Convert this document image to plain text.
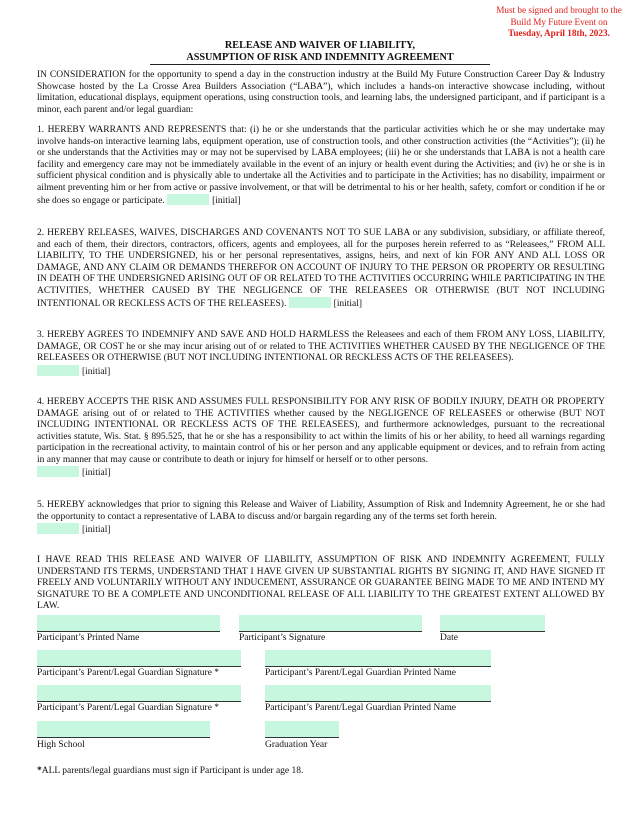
Must be signed and brought to the
Build My Future Event on
Tuesday, April 18th, 2023.
RELEASE AND WAIVER OF LIABILITY,
ASSUMPTION OF RISK AND INDEMNITY AGREEMENT
IN CONSIDERATION for the opportunity to spend a day in the construction industry at the Build My Future Construction Career Day & Industry Showcase hosted by the La Crosse Area Builders Association (“LABA”), which includes a hands-on interactive showcase including, without limitation, educational displays, equipment operations, using construction tools, and learning labs, the undersigned participant, and if participant is a minor, each parent and/or legal guardian:
1. HEREBY WARRANTS AND REPRESENTS that: (i) he or she understands that the particular activities which he or she may undertake may involve hands-on interactive learning labs, equipment operation, use of construction tools, and other construction activities (the “Activities”); (ii) he or she understands that the Activities may or may not be supervised by LABA employees; (iii) he or she understands that LABA is not a health care facility and emergency care may not be immediately available in the event of an injury or health event during the Activities; and (iv) he or she is in sufficient physical condition and is physically able to undertake all the Activities and to participate in the Activities; has no disability, impairment or ailment preventing him or her from active or passive involvement, or that will be detrimental to his or her health, safety, comfort or condition if he or she does so engage or participate.	[initial]
2. HEREBY RELEASES, WAIVES, DISCHARGES AND COVENANTS NOT TO SUE LABA or any subdivision, subsidiary, or affiliate thereof, and each of them, their directors, contractors, officers, agents and employees, all for the purposes herein referred to as “Releasees,” FROM ALL LIABILITY, TO THE UNDERSIGNED, his or her personal representatives, assigns, heirs, and next of kin FOR ANY AND ALL LOSS OR DAMAGE, AND ANY CLAIM OR DEMANDS THEREFOR ON ACCOUNT OF INJURY TO THE PERSON OR PROPERTY OR RESULTING IN DEATH OF THE UNDERSIGNED ARISING OUT OF OR RELATED TO THE ACTIVITIES OCCURRING WHILE PARTICIPATING IN THE ACTIVITIES, WHETHER CAUSED BY THE NEGLIGENCE OF THE RELEASEES OR OTHERWISE (BUT NOT INCLUDING INTENTIONAL OR RECKLESS ACTS OF THE RELEASEES).	[initial]
3. HEREBY AGREES TO INDEMNIFY AND SAVE AND HOLD HARMLESS the Releasees and each of them FROM ANY LOSS, LIABILITY, DAMAGE, OR COST he or she may incur arising out of or related to THE ACTIVITIES WHETHER CAUSED BY THE NEGLIGENCE OF THE RELEASEES OR OTHERWISE (BUT NOT INCLUDING INTENTIONAL OR RECKLESS ACTS OF THE RELEASEES).
[initial]
4. HEREBY ACCEPTS THE RISK AND ASSUMES FULL RESPONSIBILITY FOR ANY RISK OF BODILY INJURY, DEATH OR PROPERTY DAMAGE arising out of or related to THE ACTIVITIES whether caused by the NEGLIGENCE OF RELEASEES or otherwise (BUT NOT INCLUDING INTENTIONAL OR RECKLESS ACTS OF THE RELEASEES), and furthermore acknowledges, pursuant to the recreational activities statute, Wis. Stat. § 895.525, that he or she has a responsibility to act within the limits of his or her ability, to heed all warnings regarding participation in the recreational activity, to maintain control of his or her person and any applicable equipment or devices, and to refrain from acting in any manner that may cause or contribute to death or injury for himself or herself or to other persons.
[initial]
5. HEREBY acknowledges that prior to signing this Release and Waiver of Liability, Assumption of Risk and Indemnity Agreement, he or she had the opportunity to contact a representative of LABA to discuss and/or bargain regarding any of the terms set forth herein.
[initial]
I HAVE READ THIS RELEASE AND WAIVER OF LIABILITY, ASSUMPTION OF RISK AND INDEMNITY AGREEMENT, FULLY UNDERSTAND ITS TERMS, UNDERSTAND THAT I HAVE GIVEN UP SUBSTANTIAL RIGHTS BY SIGNING IT, AND HAVE SIGNED IT FREELY AND VOLUNTARILY WITHOUT ANY INDUCEMENT, ASSURANCE OR GUARANTEE BEING MADE TO ME AND INTEND MY SIGNATURE TO BE A COMPLETE AND UNCONDITIONAL RELEASE OF ALL LIABILITY TO THE GREATEST EXTENT ALLOWED BY LAW.
Participant’s Printed Name	Participant’s Signature	Date
Participant’s Parent/Legal Guardian Signature *	Participant’s Parent/Legal Guardian Printed Name
Participant’s Parent/Legal Guardian Signature *	Participant’s Parent/Legal Guardian Printed Name
High School	Graduation Year
*ALL parents/legal guardians must sign if Participant is under age 18.
